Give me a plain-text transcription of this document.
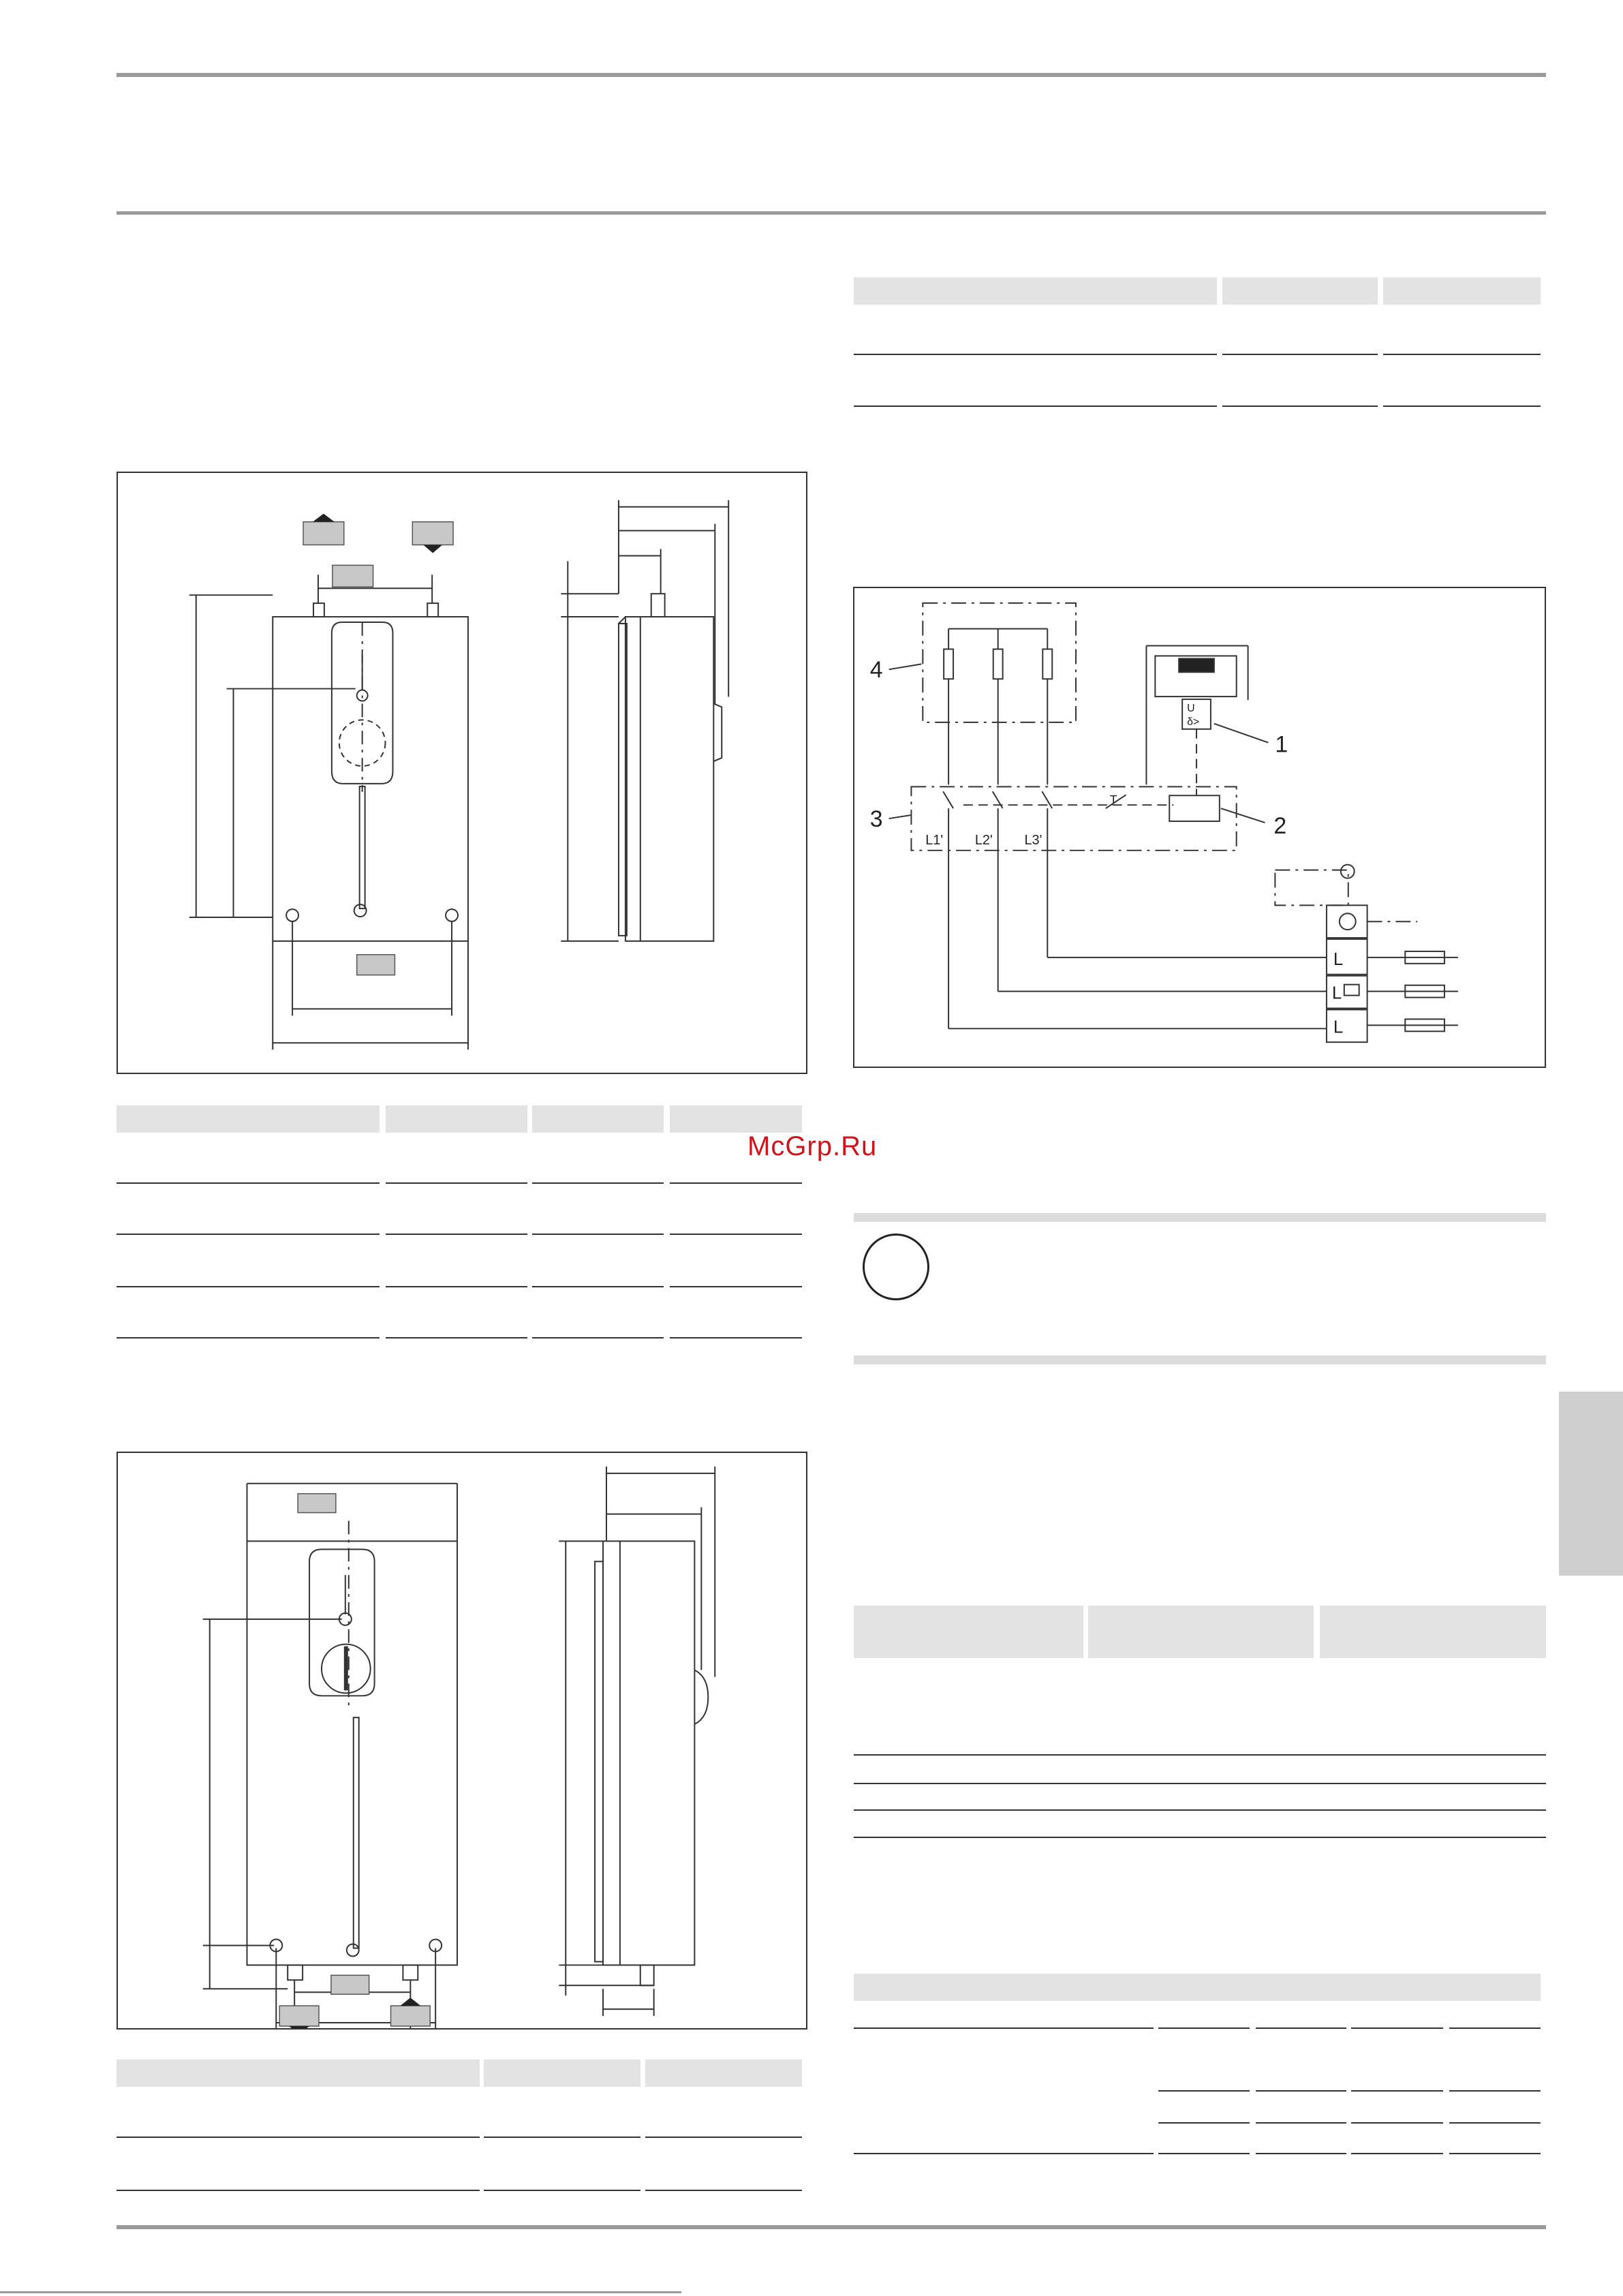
4
3
1
2
L1' L2' L3'
T
U
δ>
L
L
L
McGrp.Ru
